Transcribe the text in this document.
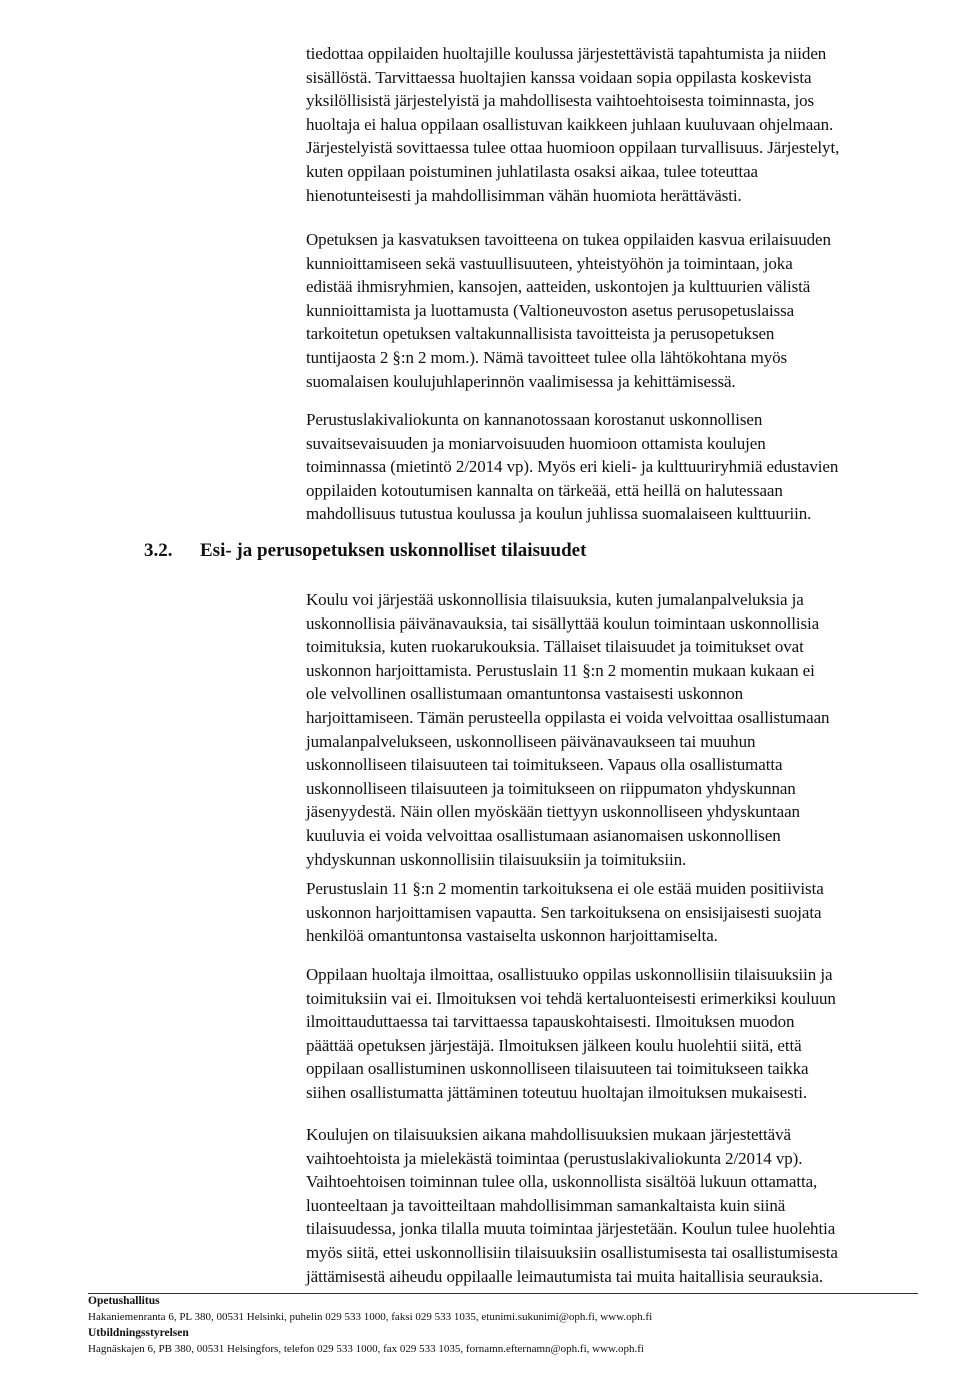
tiedottaa oppilaiden huoltajille koulussa järjestettävistä tapahtumista ja niiden
sisällöstä. Tarvittaessa huoltajien kanssa voidaan sopia oppilasta koskevista
yksilöllisistä järjestelyistä ja mahdollisesta vaihtoehtoisesta toiminnasta, jos
huoltaja ei halua oppilaan osallistuvan kaikkeen juhlaan kuuluvaan ohjelmaan.
Järjestelyistä sovittaessa tulee ottaa huomioon oppilaan turvallisuus. Järjestelyt,
kuten oppilaan poistuminen juhlatilasta osaksi aikaa, tulee toteuttaa
hienotunteisesti ja mahdollisimman vähän huomiota herättävästi.
Opetuksen ja kasvatuksen tavoitteena on tukea oppilaiden kasvua erilaisuuden
kunnioittamiseen sekä vastuullisuuteen, yhteistyöhön ja toimintaan, joka
edistää ihmisryhmien, kansojen, aatteiden, uskontojen ja kulttuurien välistä
kunnioittamista ja luottamusta (Valtioneuvoston asetus perusopetuslaissa
tarkoitetun opetuksen valtakunnallisista tavoitteista ja perusopetuksen
tuntijaosta 2 §:n 2 mom.). Nämä tavoitteet tulee olla lähtökohtana myös
suomalaisen koulujuhlaperinnön vaalimisessa ja kehittämisessä.
Perustuslakivaliokunta on kannanotossaan korostanut uskonnollisen
suvaitsevaisuuden ja moniarvoisuuden huomioon ottamista koulujen
toiminnassa (mietintö 2/2014 vp). Myös eri kieli- ja kulttuuriryhmiä edustavien
oppilaiden kotoutumisen kannalta on tärkeää, että heillä on halutessaan
mahdollisuus tutustua koulussa ja koulun juhlissa suomalaiseen kulttuuriin.
3.2. Esi- ja perusopetuksen uskonnolliset tilaisuudet
Koulu voi järjestää uskonnollisia tilaisuuksia, kuten jumalanpalveluksia ja
uskonnollisia päivänavauksia, tai sisällyttää koulun toimintaan uskonnollisia
toimituksia, kuten ruokarukouksia. Tällaiset tilaisuudet ja toimitukset ovat
uskonnon harjoittamista. Perustuslain 11 §:n 2 momentin mukaan kukaan ei
ole velvollinen osallistumaan omantuntonsa vastaisesti uskonnon
harjoittamiseen. Tämän perusteella oppilasta ei voida velvoittaa osallistumaan
jumalanpalvelukseen, uskonnolliseen päivänavaukseen tai muuhun
uskonnolliseen tilaisuuteen tai toimitukseen. Vapaus olla osallistumatta
uskonnolliseen tilaisuuteen ja toimitukseen on riippumaton yhdyskunnan
jäsenyydestä. Näin ollen myöskään tiettyyn uskonnolliseen yhdyskuntaan
kuuluvia ei voida velvoittaa osallistumaan asianomaisen uskonnollisen
yhdyskunnan uskonnollisiin tilaisuuksiin ja toimituksiin.
Perustuslain 11 §:n 2 momentin tarkoituksena ei ole estää muiden positiivista
uskonnon harjoittamisen vapautta. Sen tarkoituksena on ensisijaisesti suojata
henkilöä omantuntonsa vastaiselta uskonnon harjoittamiselta.
Oppilaan huoltaja ilmoittaa, osallistuuko oppilas uskonnollisiin tilaisuuksiin ja
toimituksiin vai ei. Ilmoituksen voi tehdä kertaluonteisesti erimerkiksi kouluun
ilmoittauduttaessa tai tarvittaessa tapauskohtaisesti. Ilmoituksen muodon
päättää opetuksen järjestäjä. Ilmoituksen jälkeen koulu huolehtii siitä, että
oppilaan osallistuminen uskonnolliseen tilaisuuteen tai toimitukseen taikka
siihen osallistumatta jättäminen toteutuu huoltajan ilmoituksen mukaisesti.
Koulujen on tilaisuuksien aikana mahdollisuuksien mukaan järjestettävä
vaihtoehtoista ja mielekästä toimintaa (perustuslakivaliokunta 2/2014 vp).
Vaihtoehtoisen toiminnan tulee olla, uskonnollista sisältöä lukuun ottamatta,
luonteeltaan ja tavoitteiltaan mahdollisimman samankaltaista kuin siinä
tilaisuudessa, jonka tilalla muuta toimintaa järjestetään. Koulun tulee huolehtia
myös siitä, ettei uskonnollisiin tilaisuuksiin osallistumisesta tai osallistumisesta
jättämisestä aiheudu oppilaalle leimautumista tai muita haitallisia seurauksia.
Opetushallitus
Hakaniemenranta 6, PL 380, 00531 Helsinki, puhelin 029 533 1000, faksi 029 533 1035, etunimi.sukunimi@oph.fi, www.oph.fi
Utbildningsstyrelsen
Hagnäskajen 6, PB 380, 00531 Helsingfors, telefon 029 533 1000, fax 029 533 1035, fornamn.efternamn@oph.fi, www.oph.fi
